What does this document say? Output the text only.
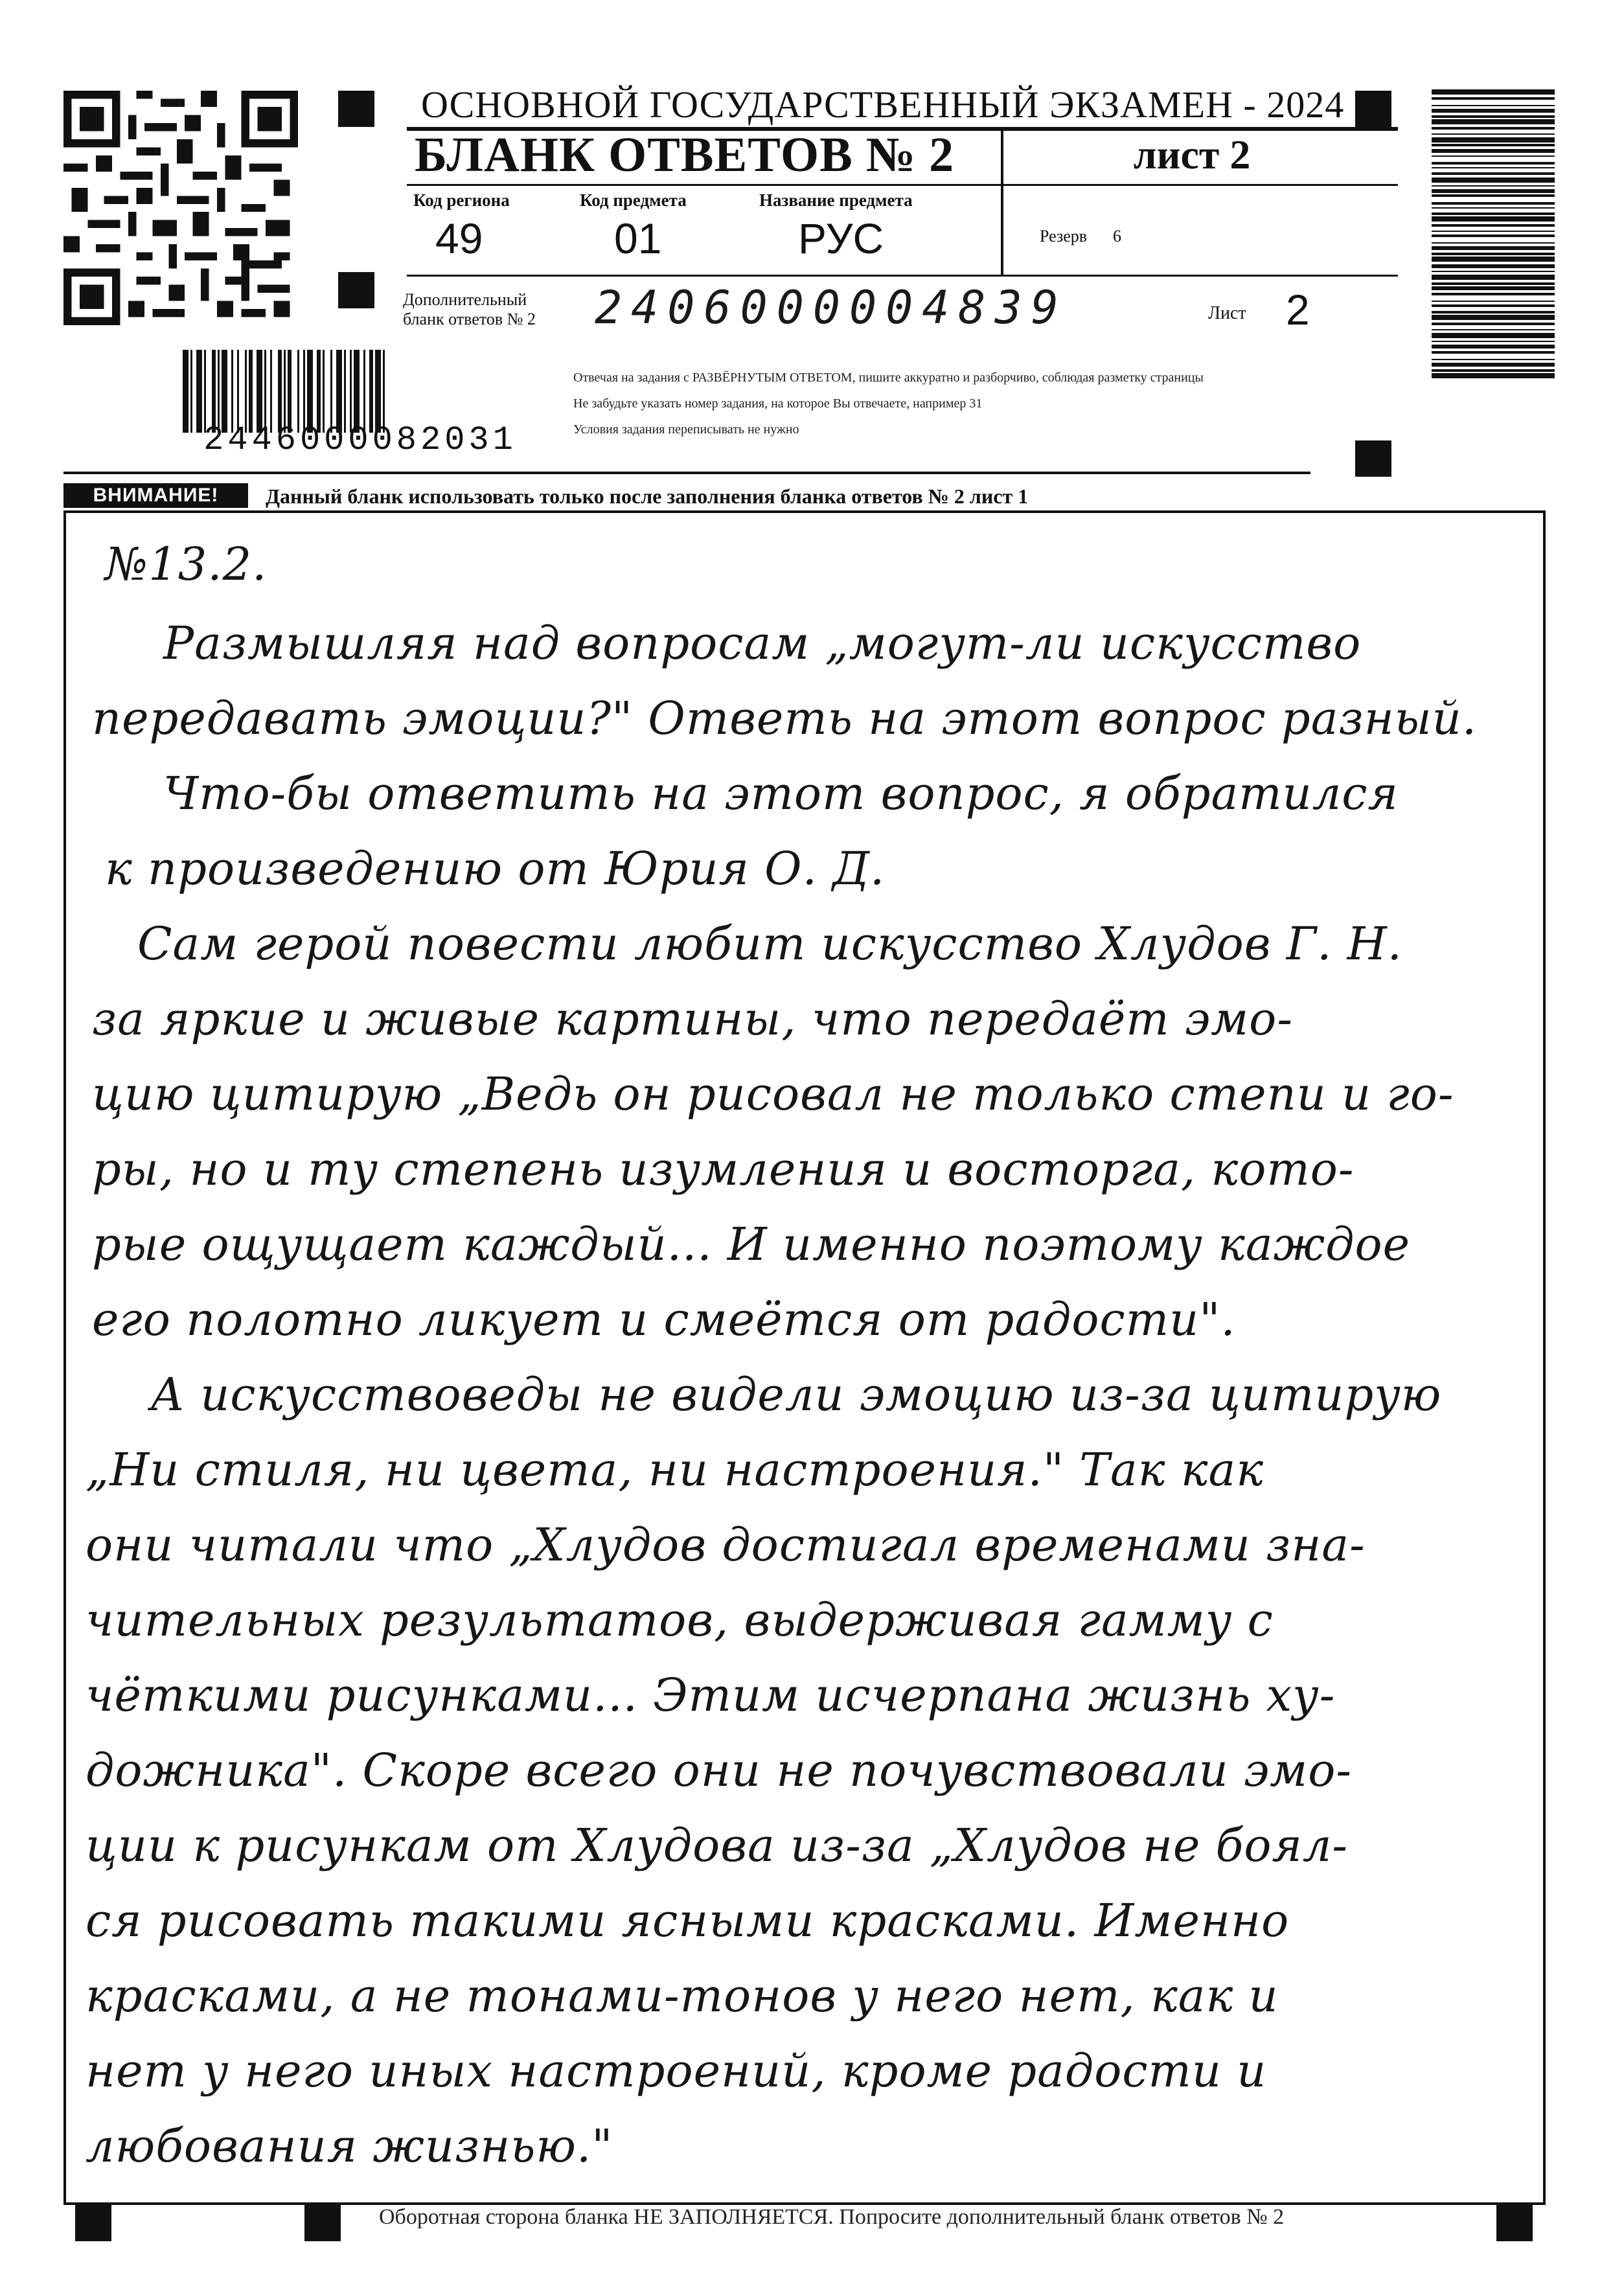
ОСНОВНОЙ ГОСУДАРСТВЕННЫЙ ЭКЗАМЕН - 2024
БЛАНК ОТВЕТОВ № 2	лист 2
Код региона	Код предмета	Название предмета
49	01	РУС	Резерв 6
Дополнительный
бланк ответов № 2	2406000004839	Лист 2
2446000082031
Отвечая на задания с РАЗВЁРНУТЫМ ОТВЕТОМ, пишите аккуратно и разборчиво, соблюдая разметку страницы
Не забудьте указать номер задания, на которое Вы отвечаете, например 31
Условия задания переписывать не нужно
ВНИМАНИЕ!	Данный бланк использовать только после заполнения бланка ответов № 2 лист 1
№13.2.
Размышляя над вопросам „могут-ли искусство
передавать эмоции?" Ответь на этот вопрос разный.
Что-бы ответить на этот вопрос, я обратился
к произведению от Юрия О. Д.
Сам герой повести любит искусство Хлудов Г. Н.
за яркие и живые картины, что передаёт эмо-
цию цитирую „Ведь он рисовал не только степи и го-
ры, но и ту степень изумления и восторга, кото-
рые ощущает каждый... И именно поэтому каждое
его полотно ликует и смеётся от радости".
А искусствоведы не видели эмоцию из-за цитирую
„Ни стиля, ни цвета, ни настроения." Так как
они читали что „Хлудов достигал временами зна-
чительных результатов, выдерживая гамму с
чёткими рисунками... Этим исчерпана жизнь ху-
дожника". Скоре всего они не почувствовали эмо-
ции к рисункам от Хлудова из-за „Хлудов не боял-
ся рисовать такими ясными красками. Именно
красками, а не тонами-тонов у него нет, как и
нет у него иных настроений, кроме радости и
любования жизнью."
Оборотная сторона бланка НЕ ЗАПОЛНЯЕТСЯ. Попросите дополнительный бланк ответов № 2
